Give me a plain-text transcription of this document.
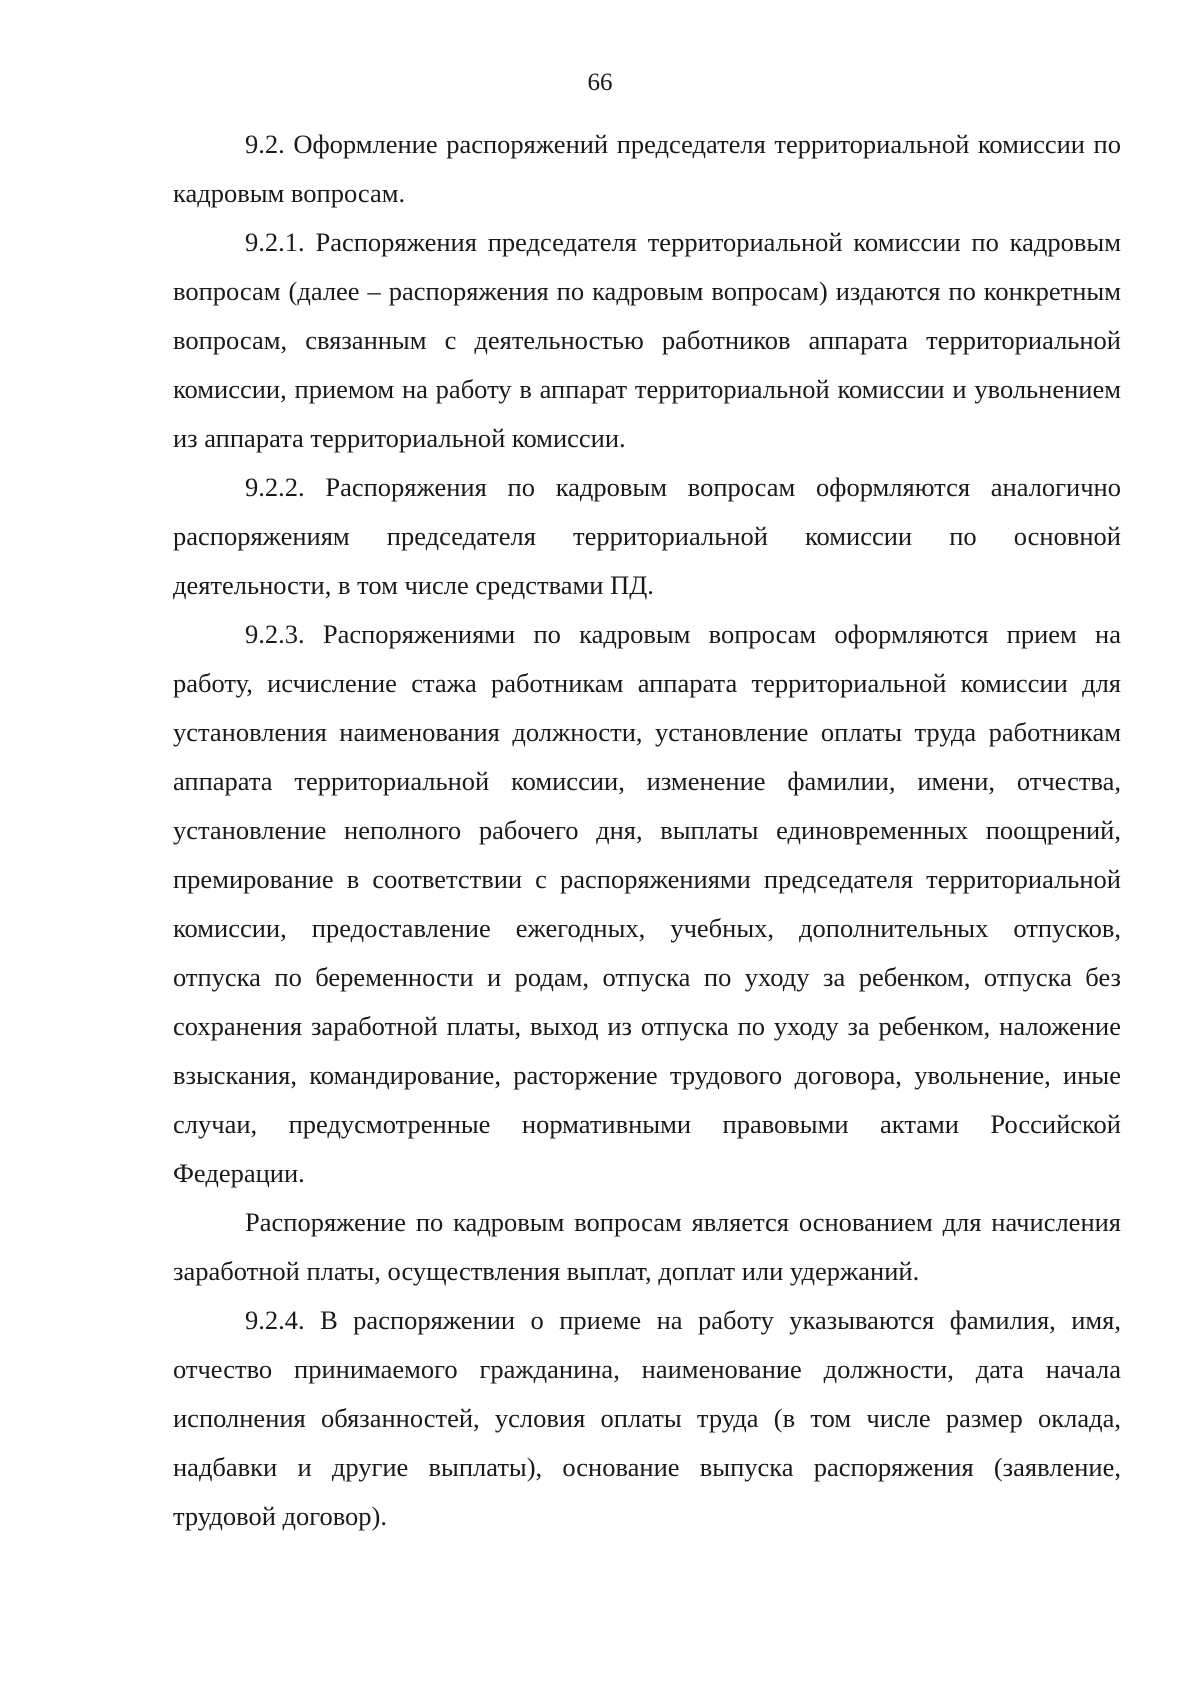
66

9.2. Оформление распоряжений председателя территориальной комиссии по кадровым вопросам.

9.2.1. Распоряжения председателя территориальной комиссии по кадровым вопросам (далее – распоряжения по кадровым вопросам) издаются по конкретным вопросам, связанным с деятельностью работников аппарата территориальной комиссии, приемом на работу в аппарат территориальной комиссии и увольнением из аппарата территориальной комиссии.

9.2.2. Распоряжения по кадровым вопросам оформляются аналогично распоряжениям председателя территориальной комиссии по основной деятельности, в том числе средствами ПД.

9.2.3. Распоряжениями по кадровым вопросам оформляются прием на работу, исчисление стажа работникам аппарата территориальной комиссии для установления наименования должности, установление оплаты труда работникам аппарата территориальной комиссии, изменение фамилии, имени, отчества, установление неполного рабочего дня, выплаты единовременных поощрений, премирование в соответствии с распоряжениями председателя территориальной комиссии, предоставление ежегодных, учебных, дополнительных отпусков, отпуска по беременности и родам, отпуска по уходу за ребенком, отпуска без сохранения заработной платы, выход из отпуска по уходу за ребенком, наложение взыскания, командирование, расторжение трудового договора, увольнение, иные случаи, предусмотренные нормативными правовыми актами Российской Федерации.

Распоряжение по кадровым вопросам является основанием для начисления заработной платы, осуществления выплат, доплат или удержаний.

9.2.4. В распоряжении о приеме на работу указываются фамилия, имя, отчество принимаемого гражданина, наименование должности, дата начала исполнения обязанностей, условия оплаты труда (в том числе размер оклада, надбавки и другие выплаты), основание выпуска распоряжения (заявление, трудовой договор).
